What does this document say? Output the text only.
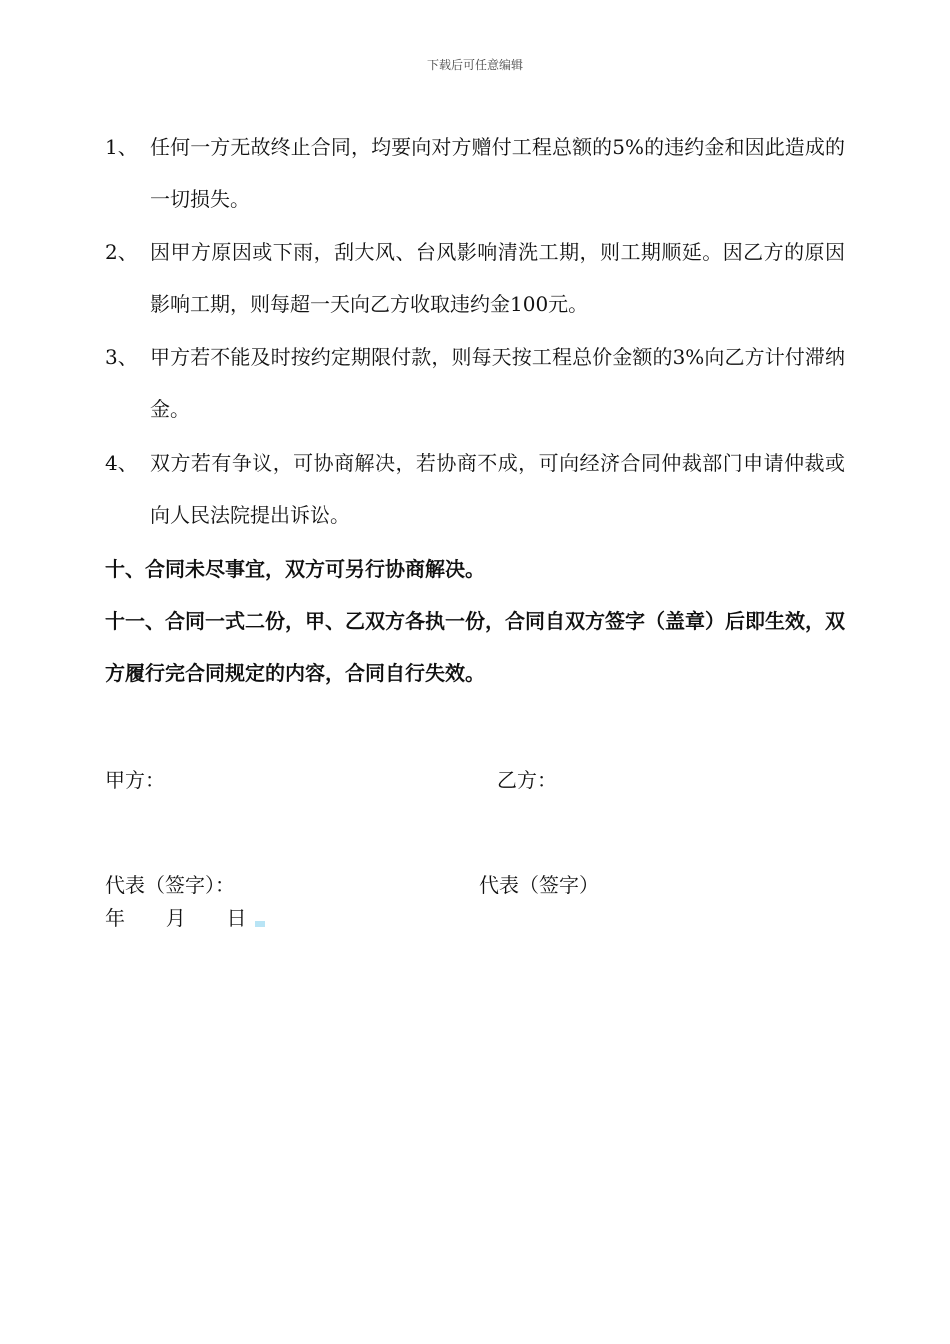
下载后可任意编辑
1、 任何一方无故终止合同，均要向对方赠付工程总额的5%的违约金和因此造成的一切损失。
2、 因甲方原因或下雨，刮大风、台风影响清洗工期，则工期顺延。因乙方的原因影响工期，则每超一天向乙方收取违约金100元。
3、 甲方若不能及时按约定期限付款，则每天按工程总价金额的3%向乙方计付滞纳金。
4、 双方若有争议，可协商解决，若协商不成，可向经济合同仲裁部门申请仲裁或向人民法院提出诉讼。
十、合同未尽事宜，双方可另行协商解决。
十一、合同一式二份，甲、乙双方各执一份，合同自双方签字（盖章）后即生效，双方履行完合同规定的内容，合同自行失效。
甲方：	乙方：
代表（签字）：	代表（签字）
年 月 日
